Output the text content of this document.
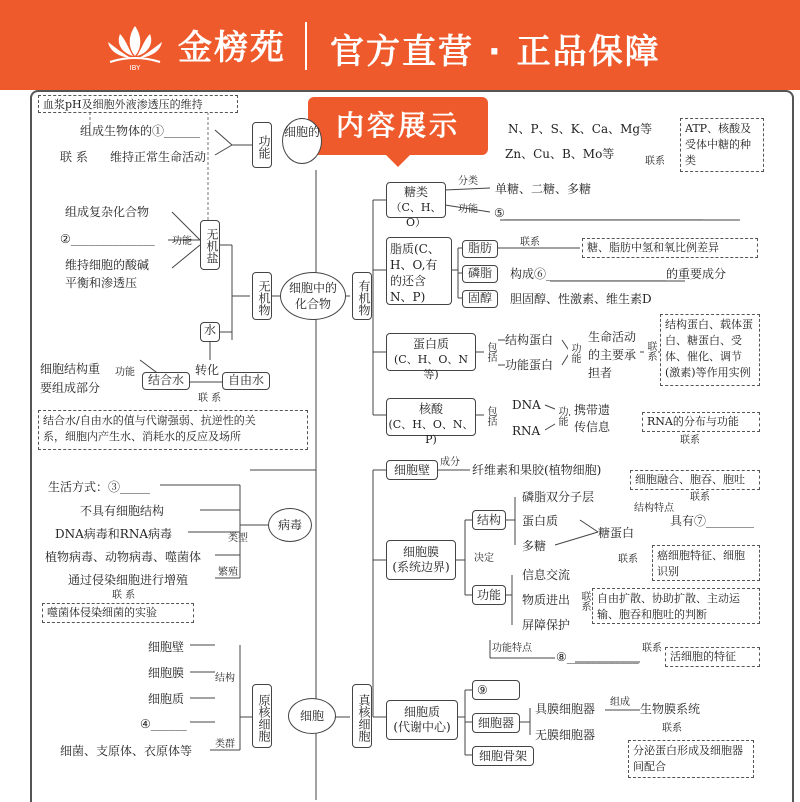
JBY 金榜苑 官方直营 · 正品保障
内容展示
血浆pH及细胞外液渗透压的维持
组成生物体的①______
联 系 维持正常生命活动	功能
细胞的
组成复杂化合物
②______________ 功能
维持细胞的酸碱
平衡和渗透压
无机盐
无机物
水
细胞结构重
要组成部分
功能	转化
结合水	自由水
联 系
结合水/自由水的值与代谢强弱、抗逆性的关
系，细胞内产生水、消耗水的反应及场所
生活方式：③_____
不具有细胞结构
DNA病毒和RNA病毒	类型
植物病毒、动物病毒、噬菌体
繁殖
通过侵染细胞进行增殖
联 系
噬菌体侵染细菌的实验
病毒
细胞壁
细胞膜
细胞质
④______
结构
细菌、支原体、衣原体等 类群
原核细胞	细胞
细胞中的化合物	有机物
真核细胞
N、P、S、K、Ca、Mg等
Zn、Cu、B、Mo等
联系
ATP、核酸及受体中糖的种类
糖类
（C、H、O）
分类
单糖、二糖、多糖
功能 ⑤_________________________________
脂质(C、H、O,有的还含N、P)
脂肪	联系	糖、脂肪中氢和氧比例差异
磷脂	构成⑥____________________的重要成分
固醇	胆固醇、性激素、维生素D
蛋白质
(C、H、O、N等)
包括
结构蛋白
功能蛋白
功能
生命活动的主要承担者
联系
结构蛋白、载体蛋白、糖蛋白、受体、催化、调节(激素)等作用实例
核酸
(C、H、O、N、P)
包括
DNA
RNA
功能 携带遗传信息	RNA的分布与功能
联系
细胞壁
成分
纤维素和果胶(植物细胞)
细胞膜
(系统边界)
决定
结构
磷脂双分子层
蛋白质
多糖
糖蛋白
结构特点
具有⑦________
细胞融合、胞吞、胞吐
联系
联系	癌细胞特征、细胞识别
功能
信息交流
物质进出
屏障保护
联系 自由扩散、协助扩散、主动运输、胞吞和胞吐的判断
功能特点
⑧____________
联系
活细胞的特征
细胞质
(代谢中心)
⑨
细胞器
具膜细胞器 组成 生物膜系统
无膜细胞器	联系
分泌蛋白形成及细胞器间配合
细胞骨架
